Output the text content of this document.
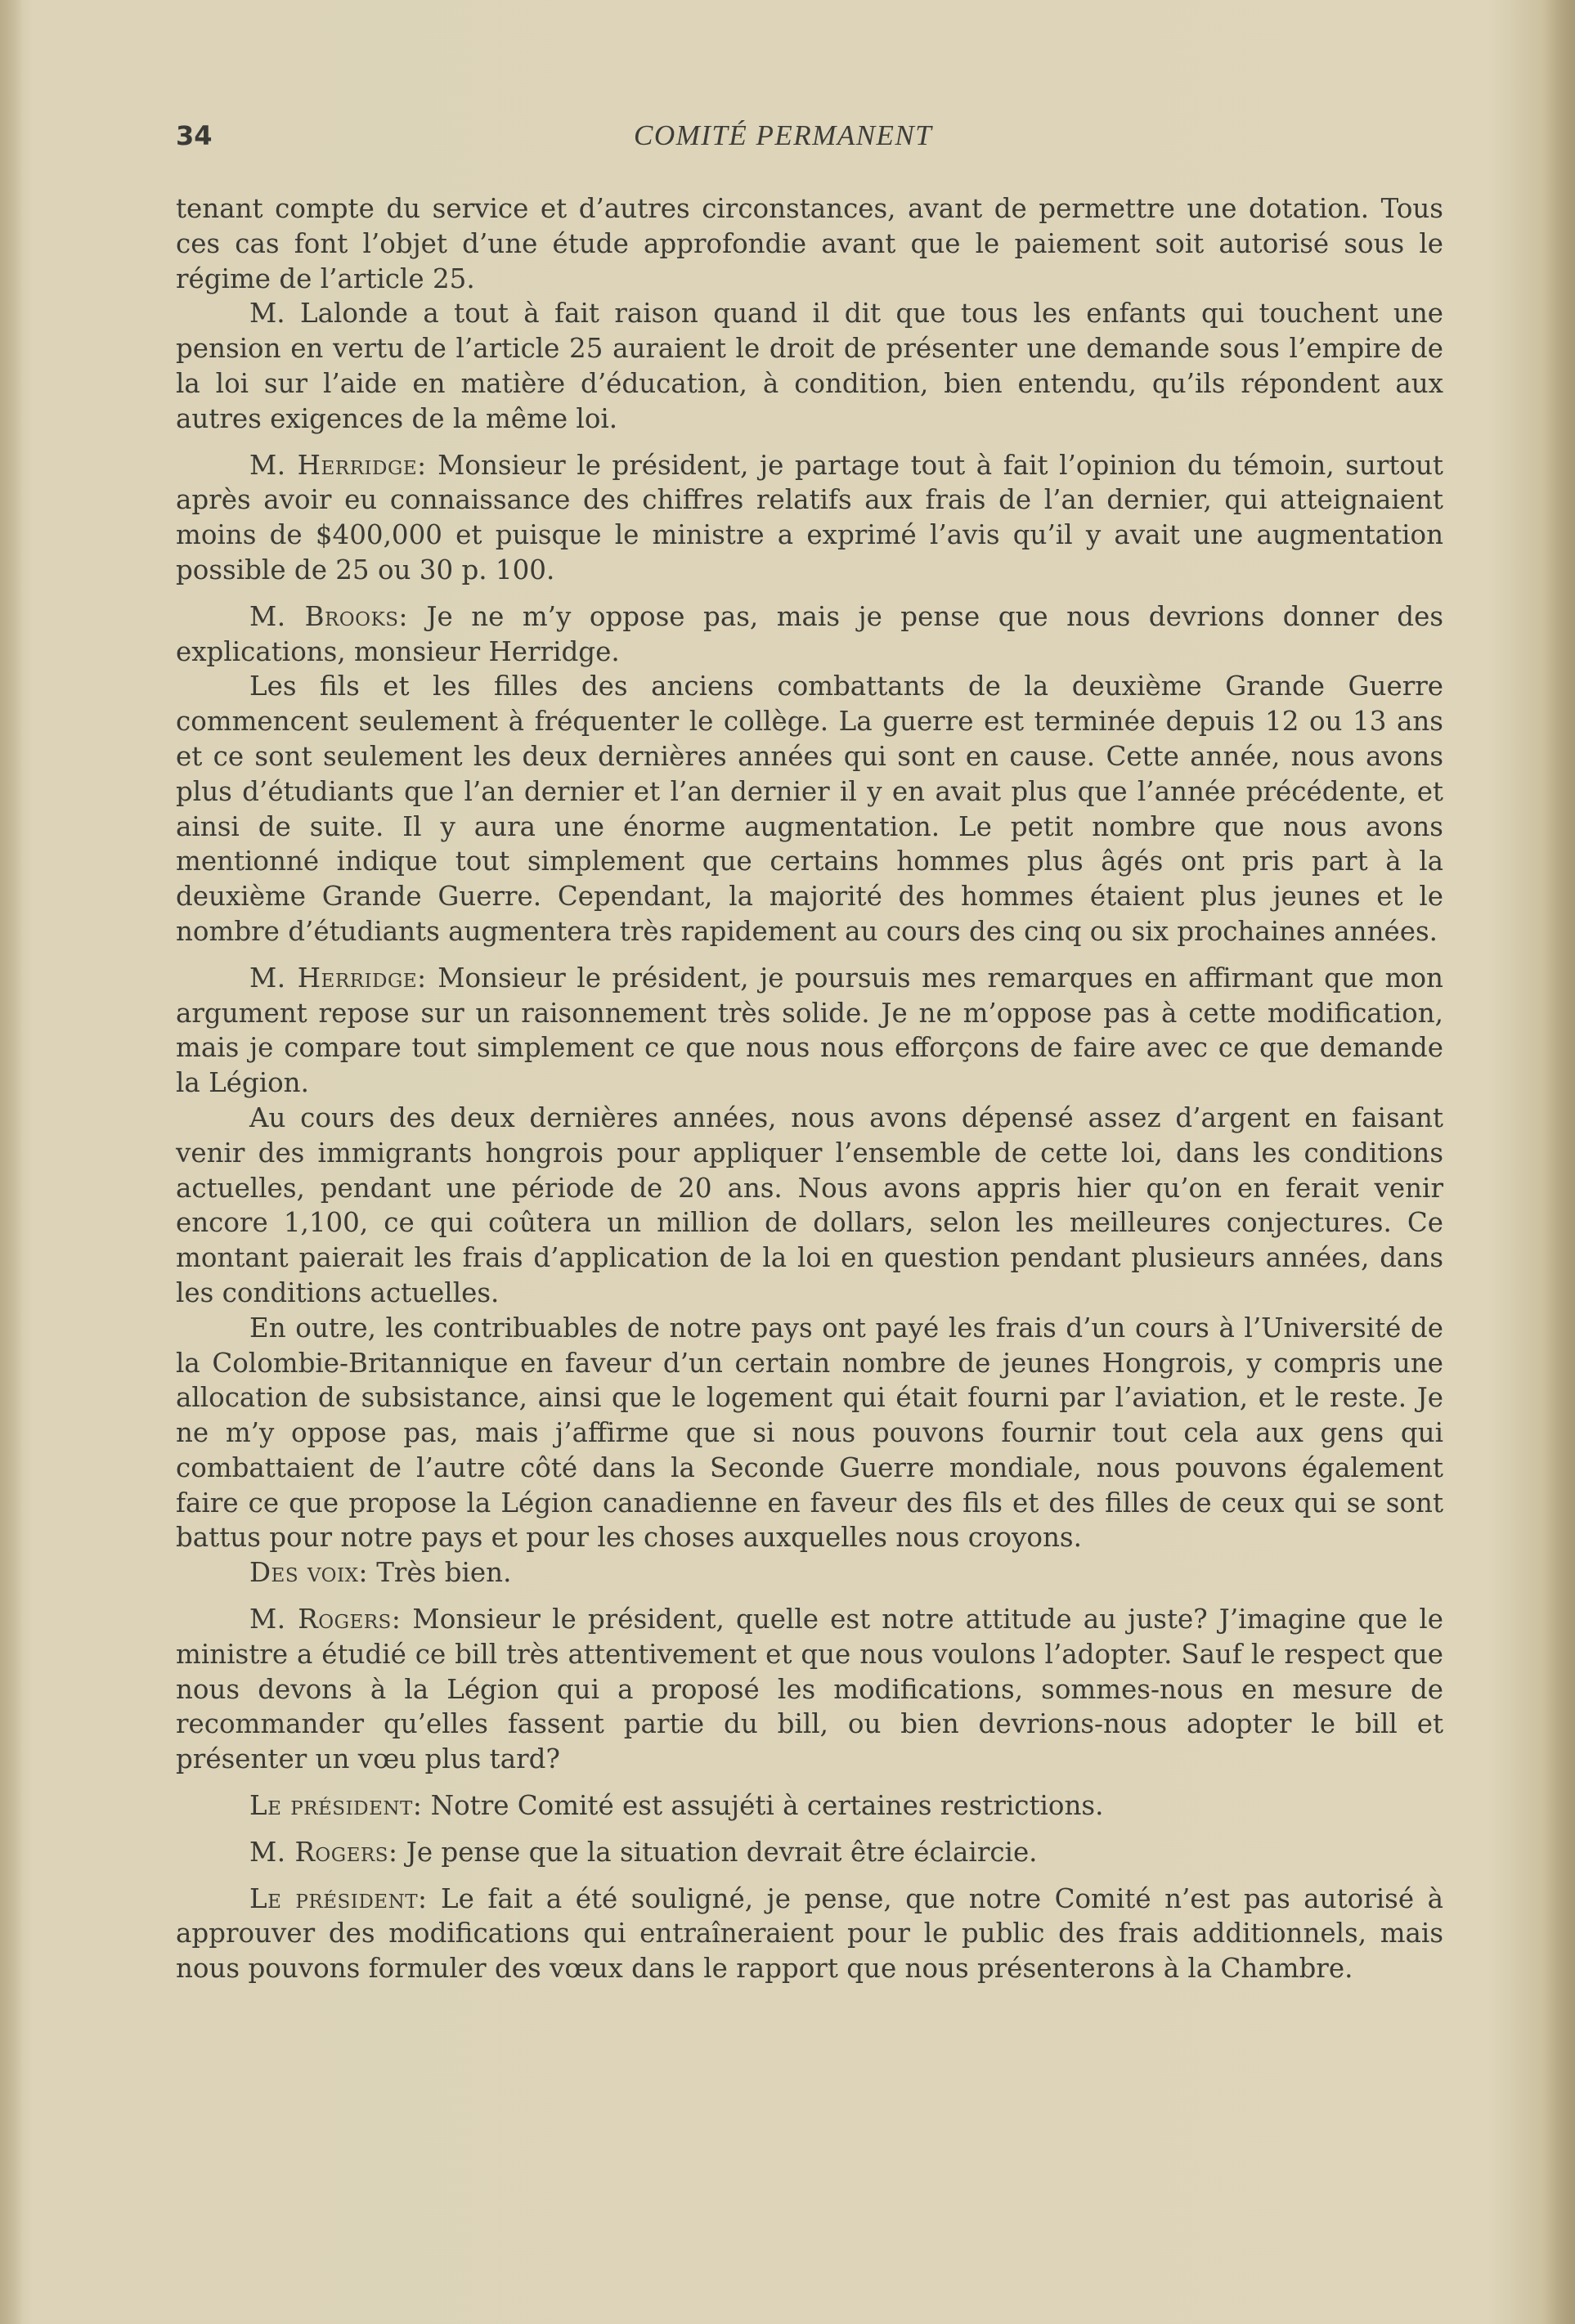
34	COMITÉ PERMANENT

tenant compte du service et d’autres circonstances, avant de permettre une dotation. Tous ces cas font l’objet d’une étude approfondie avant que le paiement soit autorisé sous le régime de l’article 25.

M. Lalonde a tout à fait raison quand il dit que tous les enfants qui touchent une pension en vertu de l’article 25 auraient le droit de présenter une demande sous l’empire de la loi sur l’aide en matière d’éducation, à condition, bien entendu, qu’ils répondent aux autres exigences de la même loi.

M. Herridge: Monsieur le président, je partage tout à fait l’opinion du témoin, surtout après avoir eu connaissance des chiffres relatifs aux frais de l’an dernier, qui atteignaient moins de $400,000 et puisque le ministre a exprimé l’avis qu’il y avait une augmentation possible de 25 ou 30 p. 100.

M. Brooks: Je ne m’y oppose pas, mais je pense que nous devrions donner des explications, monsieur Herridge.

Les fils et les filles des anciens combattants de la deuxième Grande Guerre commencent seulement à fréquenter le collège. La guerre est terminée depuis 12 ou 13 ans et ce sont seulement les deux dernières années qui sont en cause. Cette année, nous avons plus d’étudiants que l’an dernier et l’an dernier il y en avait plus que l’année précédente, et ainsi de suite. Il y aura une énorme augmentation. Le petit nombre que nous avons mentionné indique tout simplement que certains hommes plus âgés ont pris part à la deuxième Grande Guerre. Cependant, la majorité des hommes étaient plus jeunes et le nombre d’étudiants augmentera très rapidement au cours des cinq ou six prochaines années.

M. Herridge: Monsieur le président, je poursuis mes remarques en affirmant que mon argument repose sur un raisonnement très solide. Je ne m’oppose pas à cette modification, mais je compare tout simplement ce que nous nous efforçons de faire avec ce que demande la Légion.

Au cours des deux dernières années, nous avons dépensé assez d’argent en faisant venir des immigrants hongrois pour appliquer l’ensemble de cette loi, dans les conditions actuelles, pendant une période de 20 ans. Nous avons appris hier qu’on en ferait venir encore 1,100, ce qui coûtera un million de dollars, selon les meilleures conjectures. Ce montant paierait les frais d’application de la loi en question pendant plusieurs années, dans les conditions actuelles.

En outre, les contribuables de notre pays ont payé les frais d’un cours à l’Université de la Colombie-Britannique en faveur d’un certain nombre de jeunes Hongrois, y compris une allocation de subsistance, ainsi que le logement qui était fourni par l’aviation, et le reste. Je ne m’y oppose pas, mais j’affirme que si nous pouvons fournir tout cela aux gens qui combattaient de l’autre côté dans la Seconde Guerre mondiale, nous pouvons également faire ce que propose la Légion canadienne en faveur des fils et des filles de ceux qui se sont battus pour notre pays et pour les choses auxquelles nous croyons.

Des voix: Très bien.

M. Rogers: Monsieur le président, quelle est notre attitude au juste? J’imagine que le ministre a étudié ce bill très attentivement et que nous voulons l’adopter. Sauf le respect que nous devons à la Légion qui a proposé les modifications, sommes-nous en mesure de recommander qu’elles fassent partie du bill, ou bien devrions-nous adopter le bill et présenter un vœu plus tard?

Le président: Notre Comité est assujéti à certaines restrictions.

M. Rogers: Je pense que la situation devrait être éclaircie.

Le président: Le fait a été souligné, je pense, que notre Comité n’est pas autorisé à approuver des modifications qui entraîneraient pour le public des frais additionnels, mais nous pouvons formuler des vœux dans le rapport que nous présenterons à la Chambre.
